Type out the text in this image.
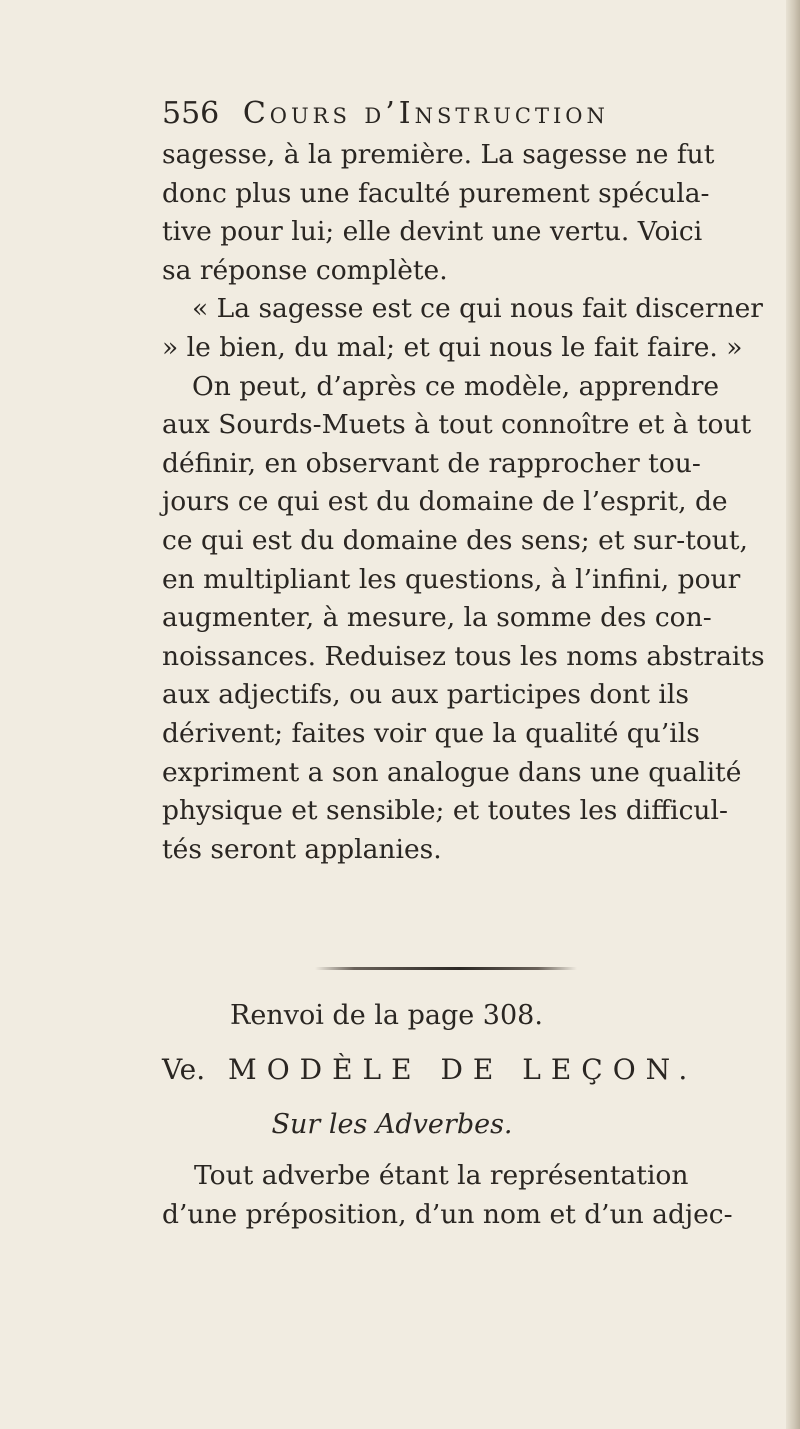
556 Cours d’Instruction
sagesse, à la première. La sagesse ne fut
donc plus une faculté purement spécula-
tive pour lui; elle devint une vertu. Voici
sa réponse complète.
« La sagesse est ce qui nous fait discerner
» le bien, du mal; et qui nous le fait faire. »
On peut, d’après ce modèle, apprendre
aux Sourds-Muets à tout connoître et à tout
définir, en observant de rapprocher tou-
jours ce qui est du domaine de l’esprit, de
ce qui est du domaine des sens; et sur-tout,
en multipliant les questions, à l’infini, pour
augmenter, à mesure, la somme des con-
noissances. Reduisez tous les noms abstraits
aux adjectifs, ou aux participes dont ils
dérivent; faites voir que la qualité qu’ils
expriment a son analogue dans une qualité
physique et sensible; et toutes les difficul-
tés seront applanies.
Renvoi de la page 308.
Ve. MODÈLE DE LEÇON.
Sur les Adverbes.
Tout adverbe étant la représentation
d’une préposition, d’un nom et d’un adjec-
